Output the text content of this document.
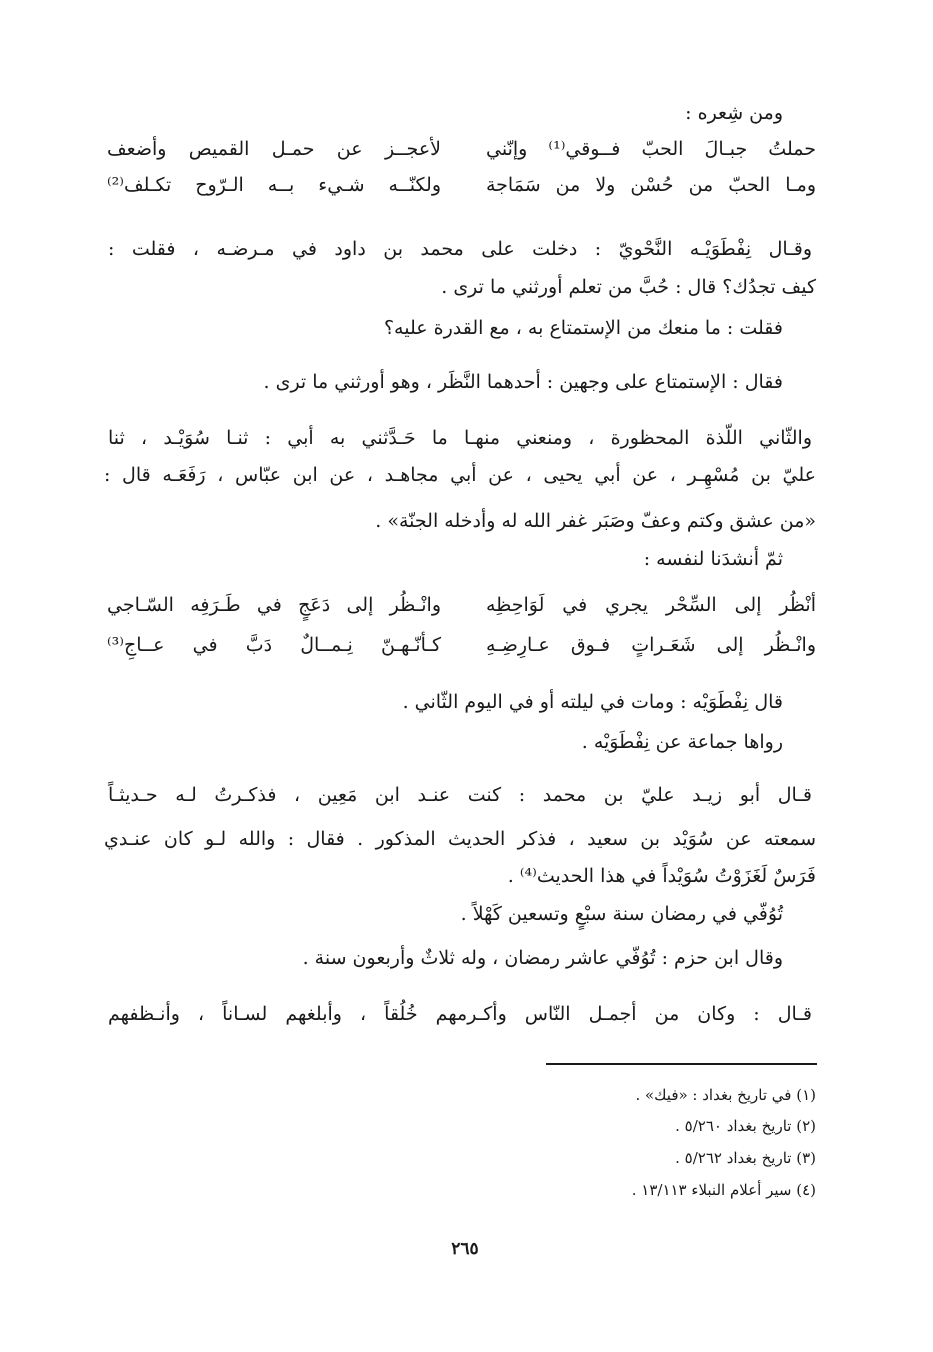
ومن شِعره :
حملتُ جبـالَ الحبّ فــوقي⁽¹⁾ وإنّني
لأعجــز عن حمـل القميص وأضعف
ومـا الحبّ من حُسْن ولا من سَمَاجة
ولكنّــه شـيء بــه الـرّوح تكـلف⁽²⁾
وقـال نِفْطَوَيْـه النَّحْويّ : دخلت على محمد بن داود في مـرضـه ، فقلت :
كيف تجدُك؟ قال : حُبَّ من تعلم أورثني ما ترى .
فقلت : ما منعك من الإستمتاع به ، مع القدرة عليه؟
فقال : الإستمتاع على وجهين : أحدهما النَّظَر ، وهو أورثني ما ترى .
والثّاني اللّذة المحظورة ، ومنعني منهـا ما حَـدَّثني به أبي : ثنـا سُوَيْـد ، ثنا
عليّ بن مُسْهِـر ، عن أبي يحيى ، عن أبي مجاهـد ، عن ابن عبّاس ، رَفَعَـه قال :
«من عشق وكتم وعفّ وصَبَر غفر الله له وأدخله الجنّة» .
ثمّ أنشدَنا لنفسه :
أنْظُر إلى السِّحْر يجري في لَوَاحِظِه
وانْـظُر إلى دَعَجٍ في طَـرَفِه السّـاجي
وانْـظُر إلى شَعَـراتٍ فـوق عـارِضِـهِ
كـأنّـهـنّ نِـمــالٌ دَبَّ في عــاجِ⁽³⁾
قال نِفْطَوَيْه : ومات في ليلته أو في اليوم الثّاني .
رواها جماعة عن نِفْطَوَيْه .
قـال أبو زيـد عليّ بن محمد : كنت عنـد ابن مَعِين ، فذكـرتُ لـه حـديثـاً
سمعته عن سُوَيْد بن سعيد ، فذكر الحديث المذكور . فقال : والله لـو كان عنـدي
فَرَسٌ لَغَزَوْتُ سُوَيْداً في هذا الحديث⁽⁴⁾ .
تُوُفّي في رمضان سنة سبْعٍ وتسعين كَهْلاً .
وقال ابن حزم : تُوُفّي عاشر رمضان ، وله ثلاثٌ وأربعون سنة .
قـال : وكان من أجمـل النّاس وأكـرمهم خُلُقاً ، وأبلغهم لسـاناً ، وأنـظفهم
(١) في تاريخ بغداد : «فيك» .
(٢) تاريخ بغداد ٥/٢٦٠ .
(٣) تاريخ بغداد ٥/٢٦٢ .
(٤) سير أعلام النبلاء ١٣/١١٣ .
٢٦٥
